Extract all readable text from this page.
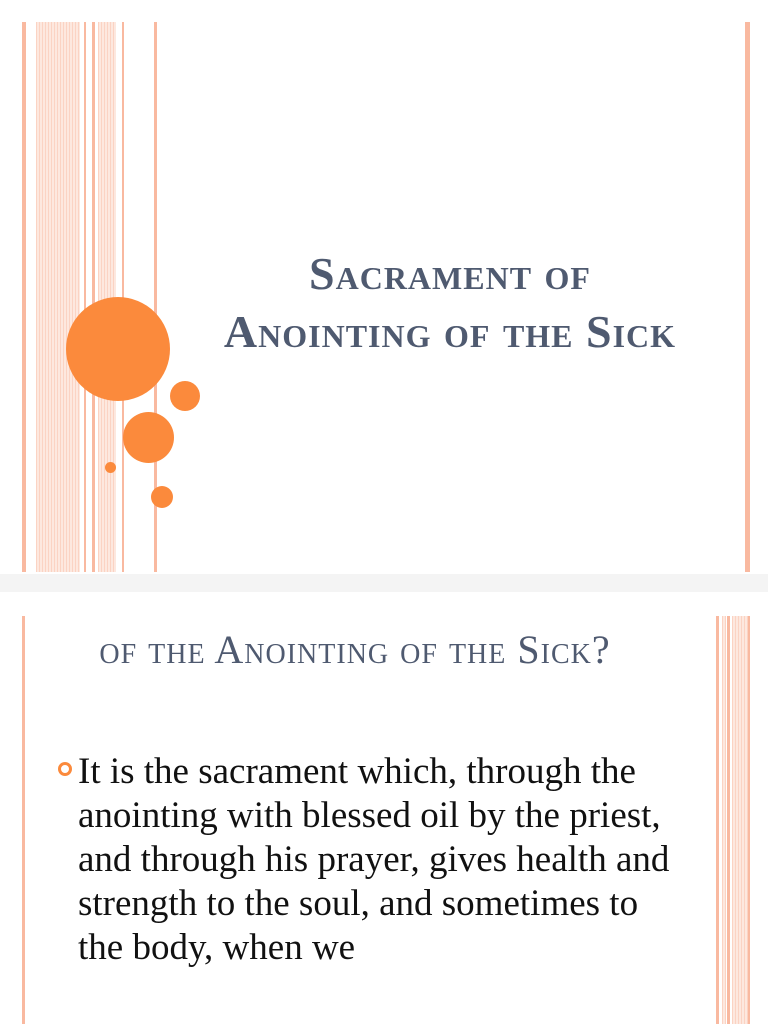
Sacrament of Anointing of the Sick
of the Anointing of the Sick?
It is the sacrament which, through the anointing with blessed oil by the priest, and through his prayer, gives health and strength to the soul, and sometimes to the body, when we
